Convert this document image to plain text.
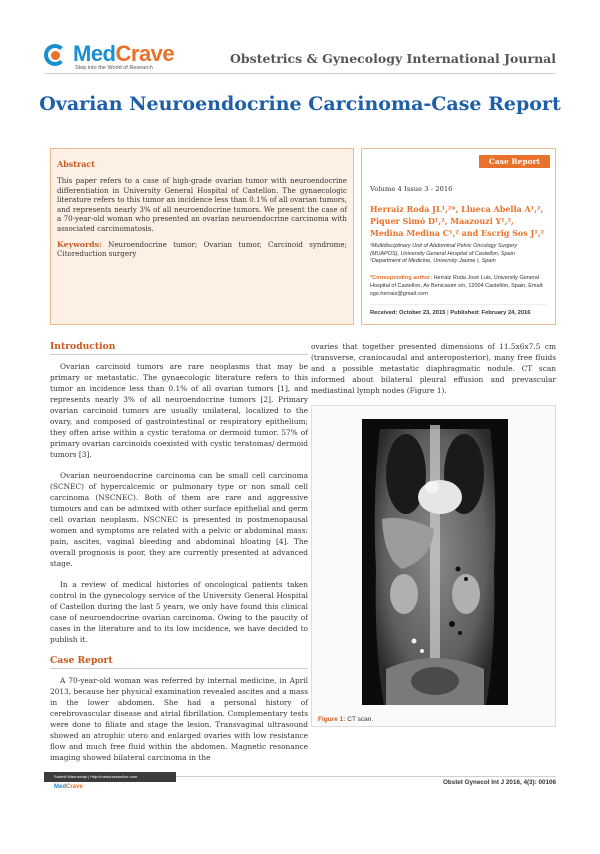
MedCrave
Step into the World of Research
Obstetrics & Gynecology International Journal
Ovarian Neuroendocrine Carcinoma-Case Report
Abstract

This paper refers to a case of high-grade ovarian tumor with neuroendocrine differentiation in University General Hospital of Castellon. The gynaecologic literature refers to this tumor an incidence less than 0.1% of all ovarian tumors, and represents nearly 3% of all neuroendocrine tumors. We present the case of a 70-year-old woman who presented an ovarian neuroendocrine carcinoma with associated carcinomatosis.

Keywords: Neuroendocrine tumor; Ovarian tumor, Carcinoid syndrome; Citoreduction surgery

Case Report
Volume 4 Issue 3 - 2016
Herraiz Roda JL¹,²*, Llueca Abella A¹,², Piquer Simó D¹,², Maazouzi Y¹,², Medina Medina C¹,² and Escrig Sos J¹,²
¹Multidisciplinary Unit of Abdominal Pelvic Oncology Surgery (MUAPOS), University General Hospital of Castellon, Spain
²Department of Medicine, University Jaume I, Spain
*Corresponding author: Herraiz Roda José Luis, University General Hospital of Castellon, Av Benicasim s/n, 12004 Castellón, Spain, Email: sgo.herraiz@gmail.com
Received: October 23, 2015 | Published: February 24, 2016
Introduction

Ovarian carcinoid tumors are rare neoplasms that may be primary or metastatic. The gynaecologic literature refers to this tumor an incidence less than 0.1% of all ovarian tumors [1], and represents nearly 3% of all neuroendocrine tumors [2]. Primary ovarian carcinoid tumors are usually unilateral, localized to the ovary, and composed of gastrointestinal or respiratory epithelium; they often arise within a cystic teratoma or dermoid tumor. 57% of primary ovarian carcinoids coexisted with cystic teratomas/ dermoid tumors [3].

Ovarian neuroendocrine carcinoma can be small cell carcinoma (SCNEC) of hypercalcemic or pulmonary type or non small cell carcinoma (NSCNEC). Both of them are rare and aggressive tumours and can be admixed with other surface epithelial and germ cell ovarian neoplasm. NSCNEC is presented in postmenopausal women and symptoms are related with a pelvic or abdominal mass: pain, ascites, vaginal bleeding and abdominal bloating [4]. The overall prognosis is poor, they are currently presented at advanced stage.

In a review of medical histories of oncological patients taken control in the gynecology service of the University General Hospital of Castellon during the last 5 years, we only have found this clinical case of neuroendocrine ovarian carcinoma. Owing to the paucity of cases in the literature and to its low incidence, we have decided to publish it.

Case Report

A 70-year-old woman was referred by internal medicine, in April 2013, because her physical examination revealed ascites and a mass in the lower abdomen. She had a personal history of cerebrovascular disease and atrial fibrillation. Complementary tests were done to filiate and stage the lesion. Transvaginal ultrasound showed an atrophic utero and enlarged ovaries with low resistance flow and much free fluid within the abdomen. Magnetic resonance imaging showed bilateral carcinoma in the

ovaries that together presented dimensions of 11.5x6x7.5 cm (transverse, craniocaudal and anteroposterior), many free fluids and a possible metastatic diaphragmatic nodule. CT scan informed about bilateral pleural effusion and prevascular mediastinal lymph nodes (Figure 1).

Figure 1: CT scan.
Submit Manuscript | http://medcraveonline.com
MedCrave
Obstet Gynecol Int J 2016, 4(3): 00106
